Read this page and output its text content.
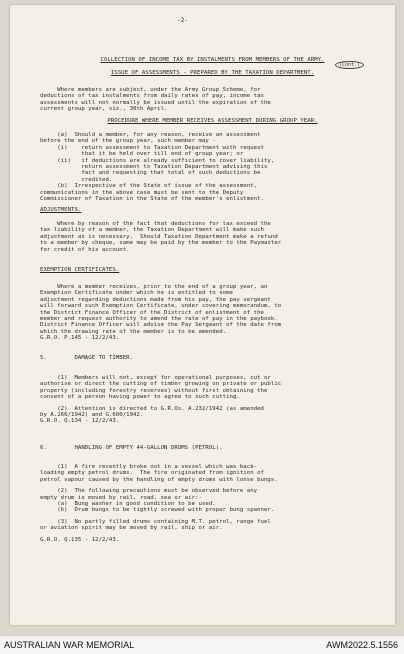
-2-
COLLECTION OF INCOME TAX BY INSTALMENTS FROM MEMBERS OF THE ARMY.
ISSUE OF ASSESSMENTS - PREPARED BY THE TAXATION DEPARTMENT.
Where members are subject, under the Army Group Scheme, for
deductions of tax instalments from daily rates of pay, income tax
assessments will not normally be issued until the expiration of the
current group year, viz., 30th April.
PROCEDURE WHERE MEMBER RECEIVES ASSESSMENT DURING GROUP YEAR.
(a)  Should a member, for any reason, receive an assessment
before the end of the group year, such member may -
(i)    return assessment to Taxation Department with request
that it be held over till end of group year; or
(ii)   if deductions are already sufficient to cover liability,
return assessment to Taxation Department advising this
fact and requesting that total of such deductions be
credited.
(b)  Irrespective of the State of issue of the assessment,
communications in the above case must be sent to the Deputy
Commissioner of Taxation in the State of the member's enlistment.
ADJUSTMENTS.
Where by reason of the fact that deductions for tax exceed the
tax liability of a member, the Taxation Department will make such
adjustment as is necessary.  Should Taxation Department make a refund
to a member by cheque, same may be paid by the member to the Paymaster
for credit of his account.
EXEMPTION CERTIFICATES.
Where a member receives, prior to the end of a group year, an
Exemption Certificate under which he is entitled to some
adjustment regarding deductions made from his pay, the pay sergeant
will forward such Exemption Certificate, under covering memorandum, to
the District Finance Officer of the District of enlistment of the
member and request authority to amend the rate of pay in the paybook.
District Finance Officer will advise the Pay Sergeant of the date from
which the drawing rate of the member is to be amended.
G.R.O. P.145 - 12/2/43.
5.        DAMAGE TO TIMBER.
(1)  Members will not, except for operational purposes, cut or
authorise or direct the cutting of timber growing on private or public
property (including forestry reserves) without first obtaining the
consent of a person having power to agree to such cutting.
(2)  Attention is directed to G.R.Os. A.232/1942 (as amended
by A.266/1942) and G.600/1942.
G.R.O. Q.134 - 12/2/43.
6.        HANDLING OF EMPTY 44-GALLON DRUMS (PETROL).
(1)  A fire recently broke out in a vessel which was back-
loading empty petrol drums.  The fire originated from ignition of
petrol vapour caused by the handling of empty drums with loose bungs.
(2)  The following precautions must be observed before any
empty drum is moved by rail, road, sea or air:-
(a)  Bung washer in good condition to be used.
(b)  Drum bungs to be tightly screwed with proper bung spanner.
(3)  No partly filled drums containing M.T. petrol, range fuel
or aviation spirit may be moved by rail, ship or air.
G.R.O. Q.135 - 12/2/43.
(Cont.)
AUSTRALIAN WAR MEMORIAL	AWM2022.5.1556
